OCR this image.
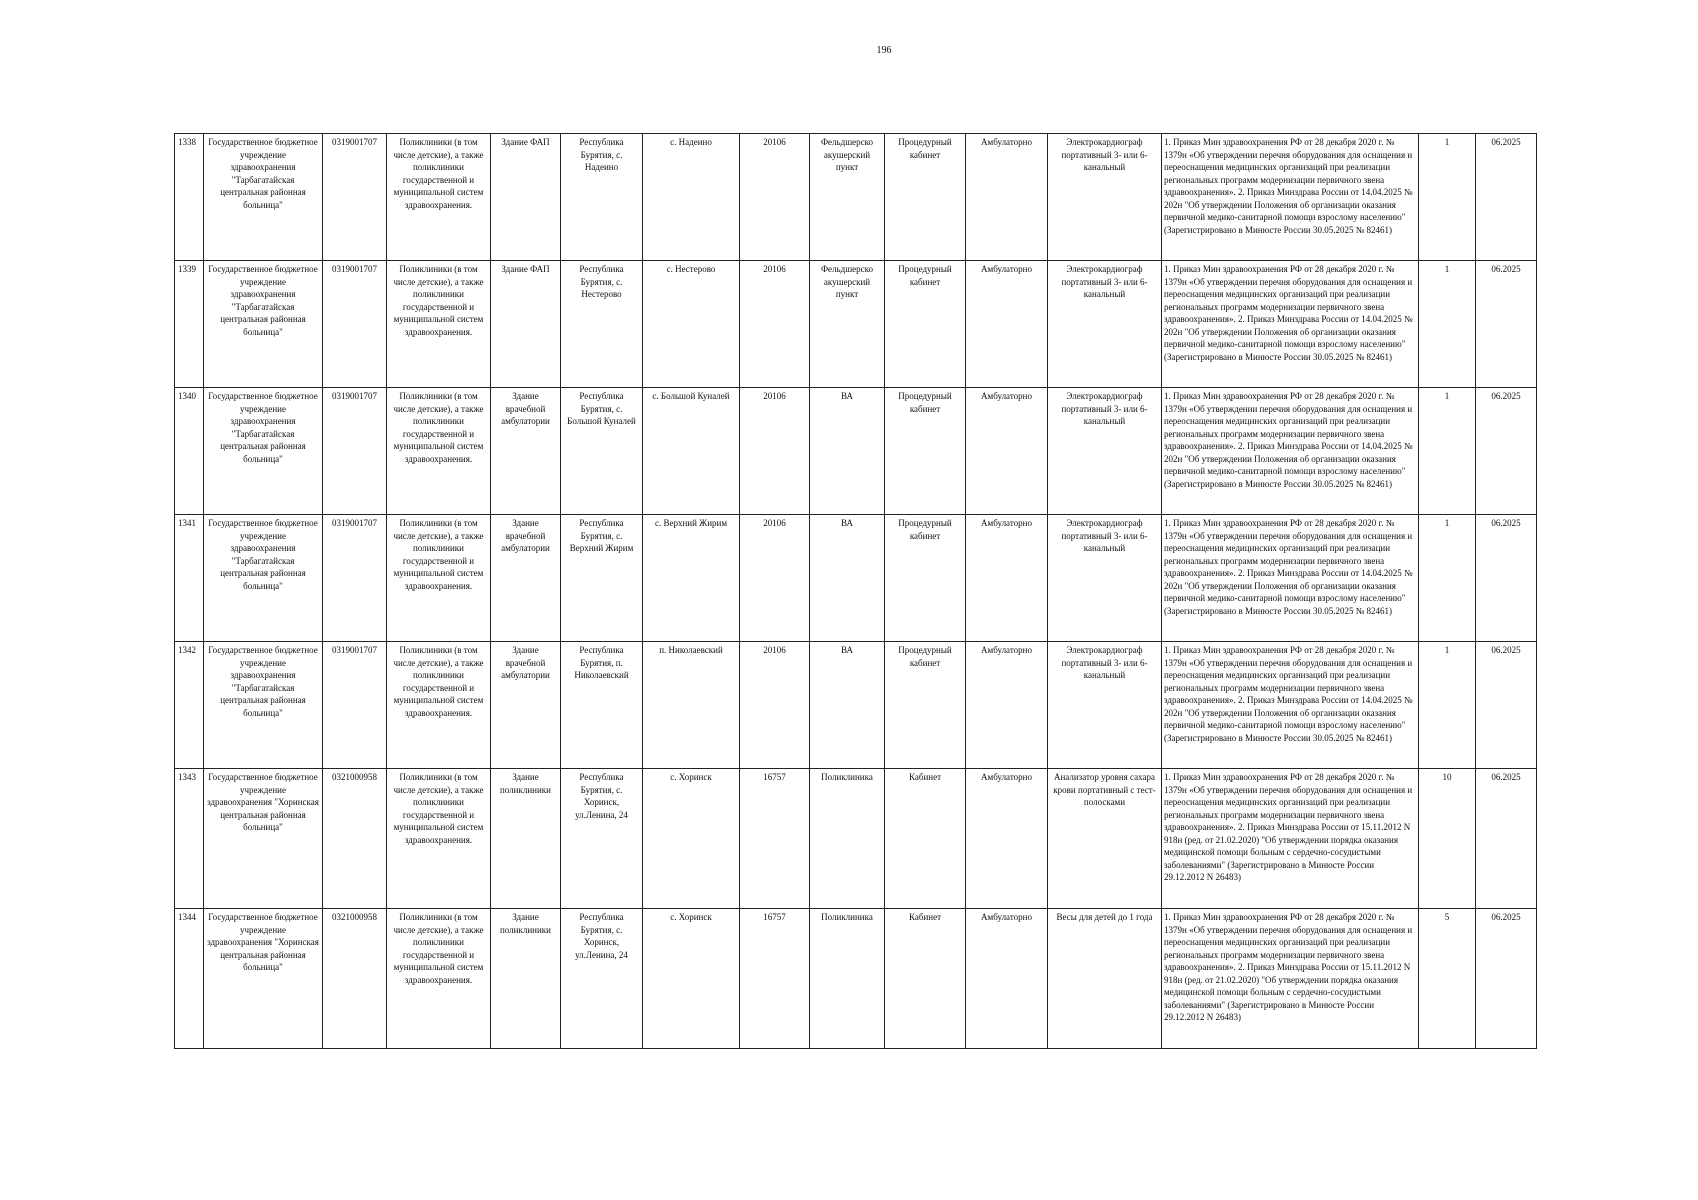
196
1338	Государственное бюджетное учреждение здравоохранения "Тарбагатайская центральная районная больница"	0319001707	Поликлиники (в том числе детские), а также поликлиники государственной и муниципальной систем здравоохранения.	Здание ФАП	Республика Бурятия, с. Надеино	с. Надеино	20106	Фельдшерско акушерский пункт	Процедурный кабинет	Амбулаторно	Электрокардиограф портативный 3- или 6-канальный	1. Приказ Мин здравоохранения РФ от 28 декабря 2020 г. № 1379н «Об утверждении перечня оборудования для оснащения и переоснащения медицинских организаций при реализации региональных программ модернизации первичного звена здравоохранения». 2. Приказ Минздрава России от 14.04.2025 № 202н "Об утверждении Положения об организации оказания первичной медико-санитарной помощи взрослому населению" (Зарегистрировано в Минюсте России 30.05.2025 № 82461)	1	06.2025
1339	Государственное бюджетное учреждение здравоохранения "Тарбагатайская центральная районная больница"	0319001707	Поликлиники (в том числе детские), а также поликлиники государственной и муниципальной систем здравоохранения.	Здание ФАП	Республика Бурятия, с. Нестерово	с. Нестерово	20106	Фельдшерско акушерский пункт	Процедурный кабинет	Амбулаторно	Электрокардиограф портативный 3- или 6-канальный	1. Приказ Мин здравоохранения РФ от 28 декабря 2020 г. № 1379н «Об утверждении перечня оборудования для оснащения и переоснащения медицинских организаций при реализации региональных программ модернизации первичного звена здравоохранения». 2. Приказ Минздрава России от 14.04.2025 № 202н "Об утверждении Положения об организации оказания первичной медико-санитарной помощи взрослому населению" (Зарегистрировано в Минюсте России 30.05.2025 № 82461)	1	06.2025
1340	Государственное бюджетное учреждение здравоохранения "Тарбагатайская центральная районная больница"	0319001707	Поликлиники (в том числе детские), а также поликлиники государственной и муниципальной систем здравоохранения.	Здание врачебной амбулатории	Республика Бурятия, с. Большой Куналей	с. Большой Куналей	20106	ВА	Процедурный кабинет	Амбулаторно	Электрокардиограф портативный 3- или 6-канальный	1. Приказ Мин здравоохранения РФ от 28 декабря 2020 г. № 1379н «Об утверждении перечня оборудования для оснащения и переоснащения медицинских организаций при реализации региональных программ модернизации первичного звена здравоохранения». 2. Приказ Минздрава России от 14.04.2025 № 202н "Об утверждении Положения об организации оказания первичной медико-санитарной помощи взрослому населению" (Зарегистрировано в Минюсте России 30.05.2025 № 82461)	1	06.2025
1341	Государственное бюджетное учреждение здравоохранения "Тарбагатайская центральная районная больница"	0319001707	Поликлиники (в том числе детские), а также поликлиники государственной и муниципальной систем здравоохранения.	Здание врачебной амбулатории	Республика Бурятия, с. Верхний Жирим	с. Верхний Жирим	20106	ВА	Процедурный кабинет	Амбулаторно	Электрокардиограф портативный 3- или 6-канальный	1. Приказ Мин здравоохранения РФ от 28 декабря 2020 г. № 1379н «Об утверждении перечня оборудования для оснащения и переоснащения медицинских организаций при реализации региональных программ модернизации первичного звена здравоохранения». 2. Приказ Минздрава России от 14.04.2025 № 202н "Об утверждении Положения об организации оказания первичной медико-санитарной помощи взрослому населению" (Зарегистрировано в Минюсте России 30.05.2025 № 82461)	1	06.2025
1342	Государственное бюджетное учреждение здравоохранения "Тарбагатайская центральная районная больница"	0319001707	Поликлиники (в том числе детские), а также поликлиники государственной и муниципальной систем здравоохранения.	Здание врачебной амбулатории	Республика Бурятия, п. Николаевский	п. Николаевский	20106	ВА	Процедурный кабинет	Амбулаторно	Электрокардиограф портативный 3- или 6-канальный	1. Приказ Мин здравоохранения РФ от 28 декабря 2020 г. № 1379н «Об утверждении перечня оборудования для оснащения и переоснащения медицинских организаций при реализации региональных программ модернизации первичного звена здравоохранения». 2. Приказ Минздрава России от 14.04.2025 № 202н "Об утверждении Положения об организации оказания первичной медико-санитарной помощи взрослому населению" (Зарегистрировано в Минюсте России 30.05.2025 № 82461)	1	06.2025
1343	Государственное бюджетное учреждение здравоохранения "Хоринская центральная районная больница"	0321000958	Поликлиники (в том числе детские), а также поликлиники государственной и муниципальной систем здравоохранения.	Здание поликлиники	Республика Бурятия, с. Хоринск, ул.Ленина, 24	с. Хоринск	16757	Поликлиника	Кабинет	Амбулаторно	Анализатор уровня сахара крови портативный с тест-полосками	1. Приказ Мин здравоохранения РФ от 28 декабря 2020 г. № 1379н «Об утверждении перечня оборудования для оснащения и переоснащения медицинских организаций при реализации региональных программ модернизации первичного звена здравоохранения». 2. Приказ Минздрава России от 15.11.2012 N 918н (ред. от 21.02.2020) "Об утверждении порядка оказания медицинской помощи больным с сердечно-сосудистыми заболеваниями" (Зарегистрировано в Минюсте России 29.12.2012 N 26483)	10	06.2025
1344	Государственное бюджетное учреждение здравоохранения "Хоринская центральная районная больница"	0321000958	Поликлиники (в том числе детские), а также поликлиники государственной и муниципальной систем здравоохранения.	Здание поликлиники	Республика Бурятия, с. Хоринск, ул.Ленина, 24	с. Хоринск	16757	Поликлиника	Кабинет	Амбулаторно	Весы для детей до 1 года	1. Приказ Мин здравоохранения РФ от 28 декабря 2020 г. № 1379н «Об утверждении перечня оборудования для оснащения и переоснащения медицинских организаций при реализации региональных программ модернизации первичного звена здравоохранения». 2. Приказ Минздрава России от 15.11.2012 N 918н (ред. от 21.02.2020) "Об утверждении порядка оказания медицинской помощи больным с сердечно-сосудистыми заболеваниями" (Зарегистрировано в Минюсте России 29.12.2012 N 26483)	5	06.2025
